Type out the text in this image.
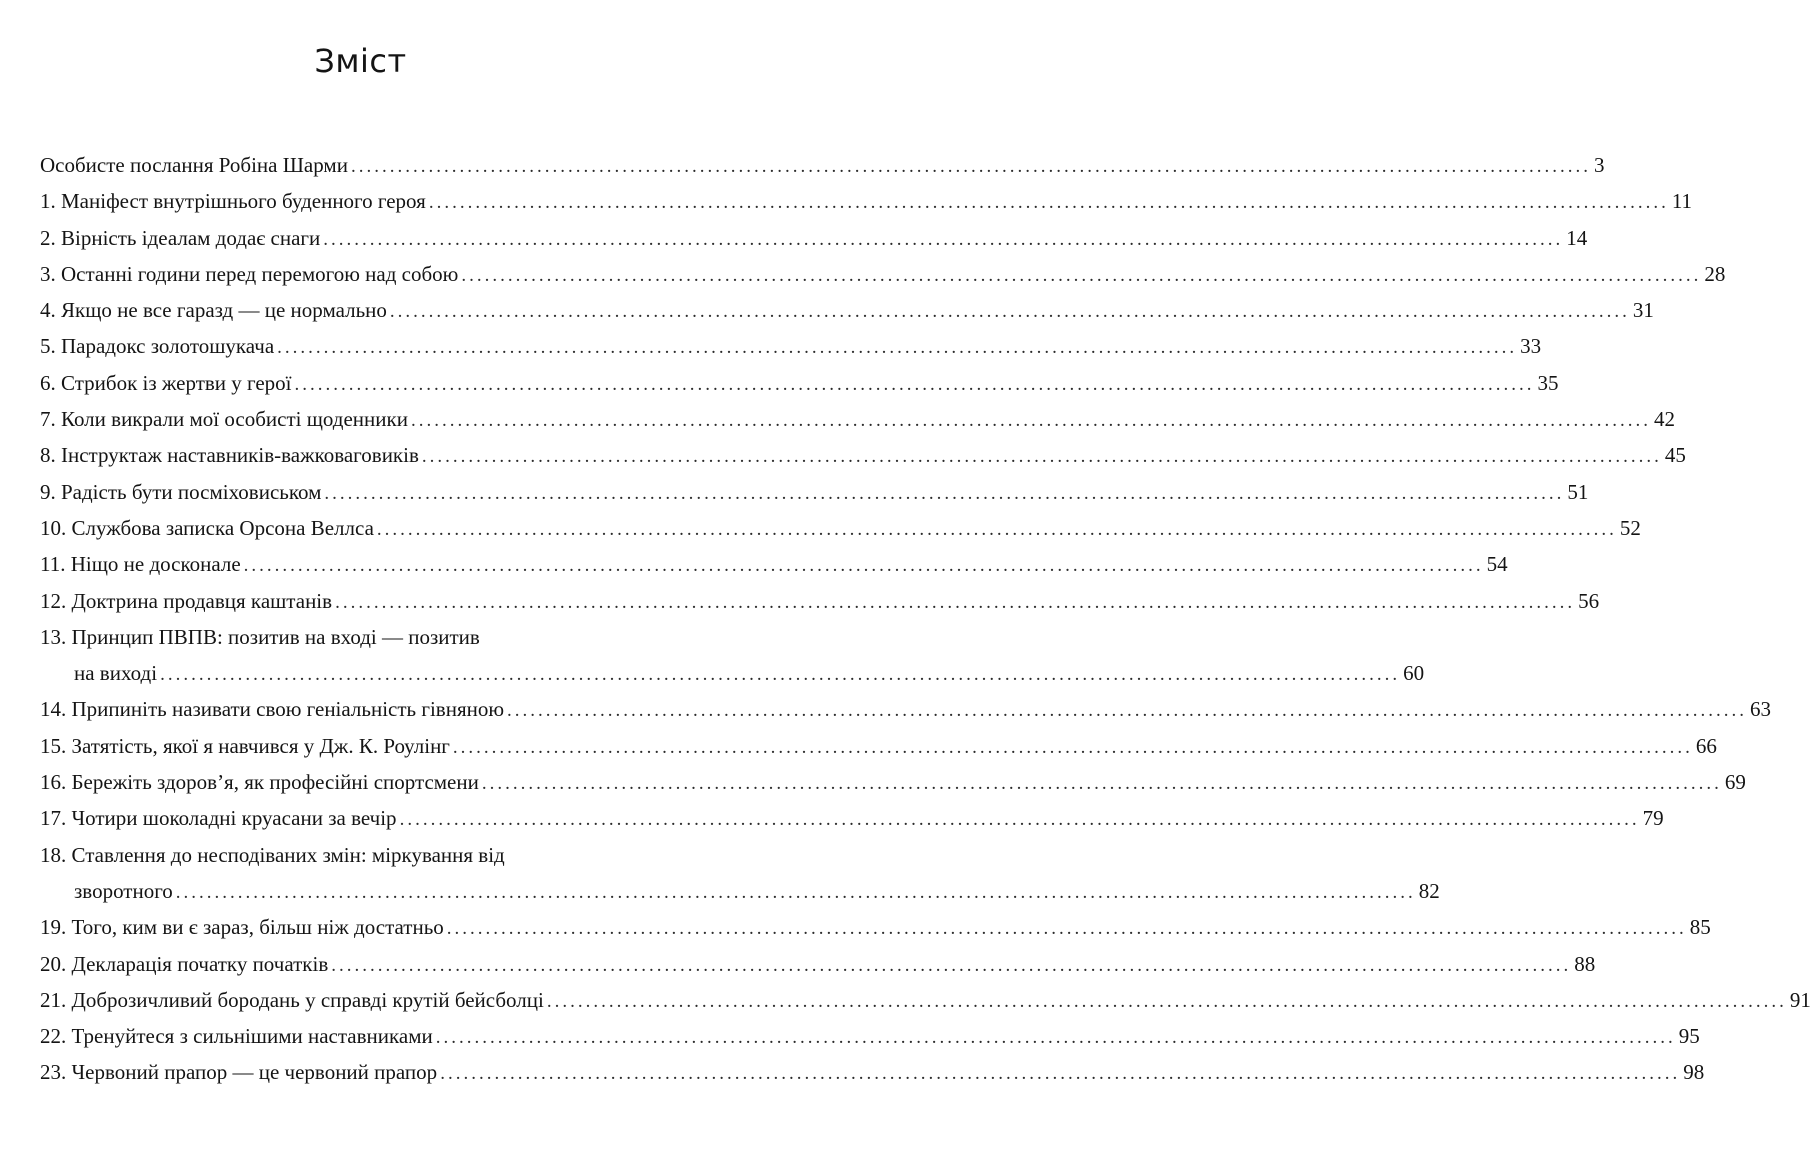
Зміст
Особисте послання Робіна Шарми ................................................................................................................................................................ 3
1. Маніфест внутрішнього буденного героя ................................................................................................................................................................ 11
2. Вірність ідеалам додає снаги ................................................................................................................................................................ 14
3. Останні години перед перемогою над собою ................................................................................................................................................................ 28
4. Якщо не все гаразд — це нормально ................................................................................................................................................................ 31
5. Парадокс золотошукача ................................................................................................................................................................ 33
6. Стрибок із жертви у герої ................................................................................................................................................................ 35
7. Коли викрали мої особисті щоденники ................................................................................................................................................................ 42
8. Інструктаж наставників-важковаговиків ................................................................................................................................................................ 45
9. Радість бути посміховиськом ................................................................................................................................................................ 51
10. Службова записка Орсона Веллса ................................................................................................................................................................ 52
11. Ніщо не досконале ................................................................................................................................................................ 54
12. Доктрина продавця каштанів ................................................................................................................................................................ 56
13. Принцип ПВПВ: позитив на вході — позитив
на виході ................................................................................................................................................................ 60
14. Припиніть називати свою геніальність гівняною ................................................................................................................................................................ 63
15. Затятість, якої я навчився у Дж. К. Роулінг ................................................................................................................................................................ 66
16. Бережіть здоров’я, як професійні спортсмени ................................................................................................................................................................ 69
17. Чотири шоколадні круасани за вечір ................................................................................................................................................................ 79
18. Ставлення до несподіваних змін: міркування від
зворотного ................................................................................................................................................................ 82
19. Того, ким ви є зараз, більш ніж достатньо ................................................................................................................................................................ 85
20. Декларація початку початків ................................................................................................................................................................ 88
21. Доброзичливий бородань у справді крутій бейсболці ................................................................................................................................................................ 91
22. Тренуйтеся з сильнішими наставниками ................................................................................................................................................................ 95
23. Червоний прапор — це червоний прапор ................................................................................................................................................................ 98
